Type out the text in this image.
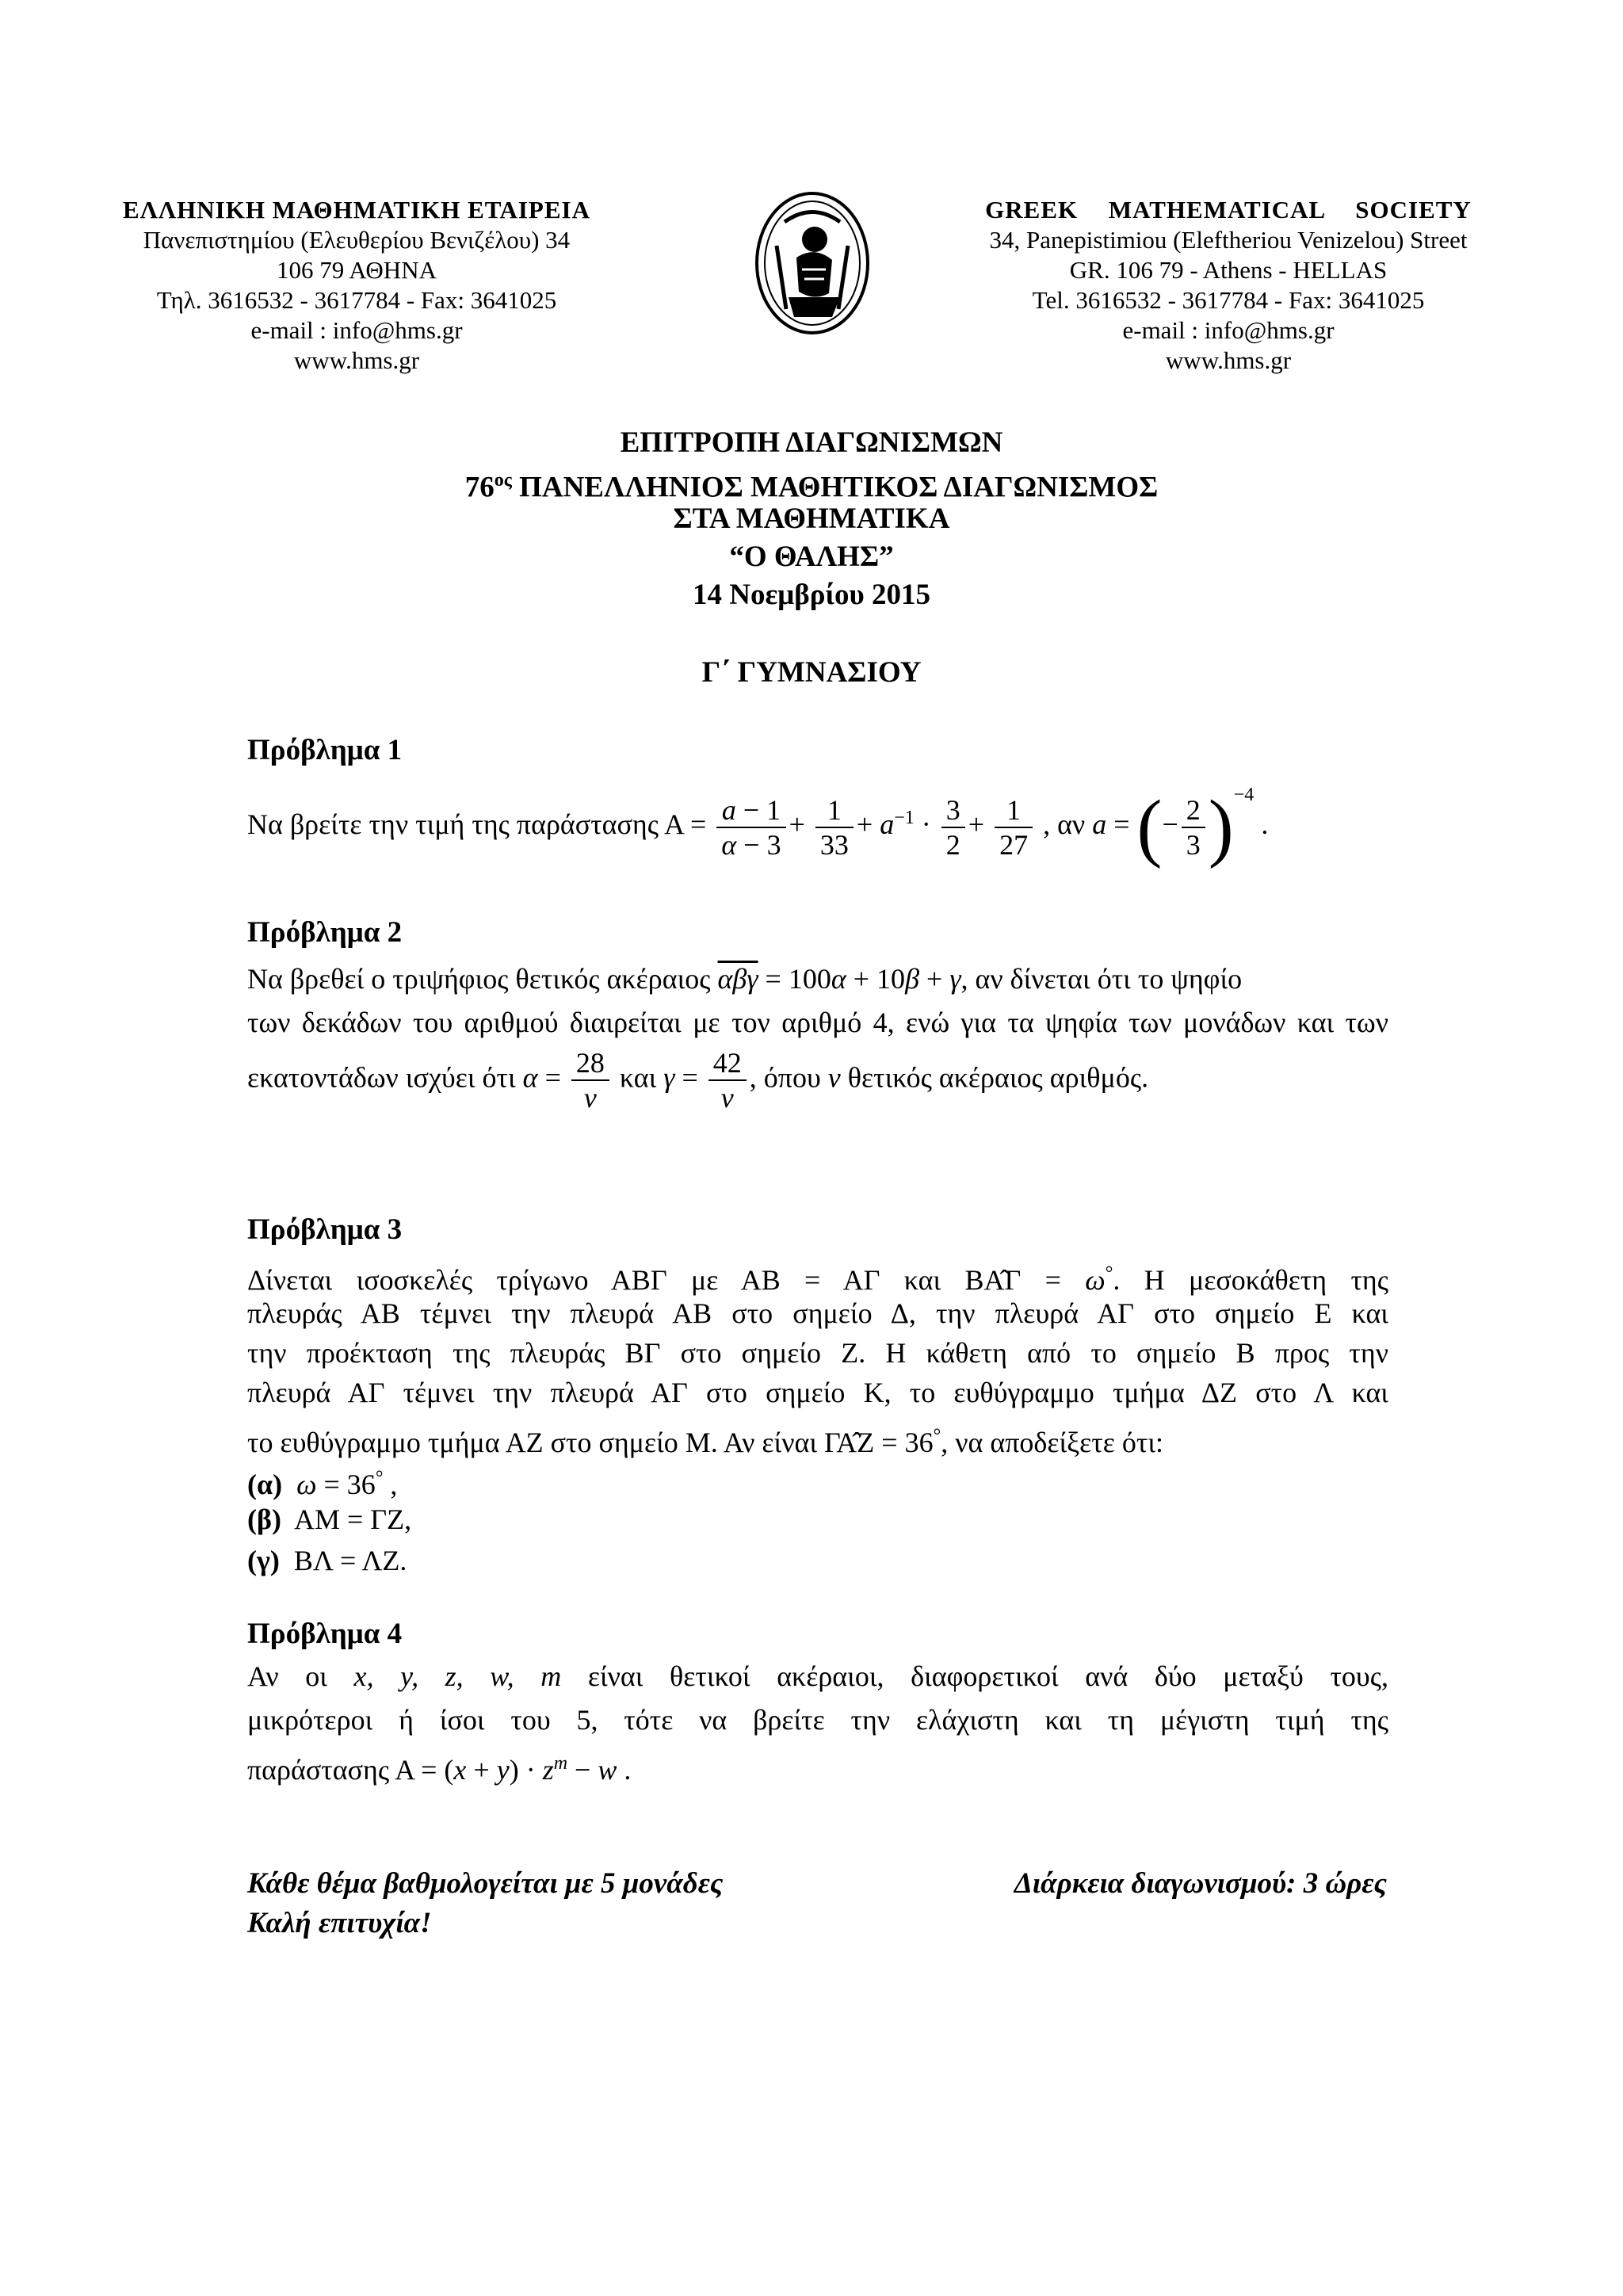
ΕΛΛΗΝΙΚΗ ΜΑΘΗΜΑΤΙΚΗ ΕΤΑΙΡΕΙΑ
Πανεπιστημίου (Ελευθερίου Βενιζέλου) 34
106 79 ΑΘΗΝΑ
Τηλ. 3616532 - 3617784 - Fax: 3641025
e-mail : info@hms.gr
www.hms.gr
GREEK MATHEMATICAL SOCIETY
34, Panepistimiou (Eleftheriou Venizelou) Street
GR. 106 79 - Athens - HELLAS
Tel. 3616532 - 3617784 - Fax: 3641025
e-mail : info@hms.gr
www.hms.gr
ΕΠΙΤΡΟΠΗ ΔΙΑΓΩΝΙΣΜΩΝ
$76^{o\varsigma}$ ΠΑΝΕΛΛΗΝΙΟΣ ΜΑΘΗΤΙΚΟΣ ΔΙΑΓΩΝΙΣΜΟΣ
ΣΤΑ ΜΑΘΗΜΑΤΙΚΑ
“Ο ΘΑΛΗΣ”
14 Νοεμβρίου 2015
Γ΄ ΓΥΜΝΑΣΙΟΥ
Πρόβλημα 1
Να βρείτε την τιμή της παράστασης $A = \frac{a - 1}{\alpha - 3} + \frac{1}{33} + a^{-1} \cdot \frac{3}{2} + \frac{1}{27}$ , αν a = (− $\frac{2}{3} )^{-4}$ .
Πρόβλημα 2
Να βρεθεί ο τριψήφιος θετικός ακέραιος $\overline{\alpha\beta\gamma} = 100\alpha + 10\beta + \gamma$, αν δίνεται ότι το ψηφίο
των δεκάδων του αριθμού διαιρείται με τον αριθμό 4, ενώ για τα ψηφία των μονάδων και των
εκατοντάδων ισχύει ότι $\alpha = \frac{28}{\nu}$ και $\gamma = \frac{42}{\nu}$ , όπου ν θετικός ακέραιος αριθμός.
Πρόβλημα 3
Δίνεται ισοσκελές τρίγωνο ΑΒΓ με ΑΒ = ΑΓ και ΒΑ̂Γ = ω°. Η μεσοκάθετη της
πλευράς ΑΒ τέμνει την πλευρά ΑΒ στο σημείο Δ, την πλευρά ΑΓ στο σημείο Ε και
την προέκταση της πλευράς ΒΓ στο σημείο Ζ. Η κάθετη από το σημείο Β προς την
πλευρά ΑΓ τέμνει την πλευρά ΑΓ στο σημείο Κ, το ευθύγραμμο τμήμα ΔΖ στο Λ και
το ευθύγραμμο τμήμα ΑΖ στο σημείο Μ. Αν είναι ΓΑ̂Ζ = 36°, να αποδείξετε ότι:
(α) ω = 36° ,
(β) ΑΜ = ΓΖ,
(γ) ΒΛ = ΛΖ.
Πρόβλημα 4
Αν οι x, y, z, w, m είναι θετικοί ακέραιοι, διαφορετικοί ανά δύο μεταξύ τους,
μικρότεροι ή ίσοι του 5, τότε να βρείτε την ελάχιστη και τη μέγιστη τιμή της
παράστασης $A = (x + y) \cdot z^m - w$ .
Κάθε θέμα βαθμολογείται με 5 μονάδες	Διάρκεια διαγωνισμού: 3 ώρες
Καλή επιτυχία!
